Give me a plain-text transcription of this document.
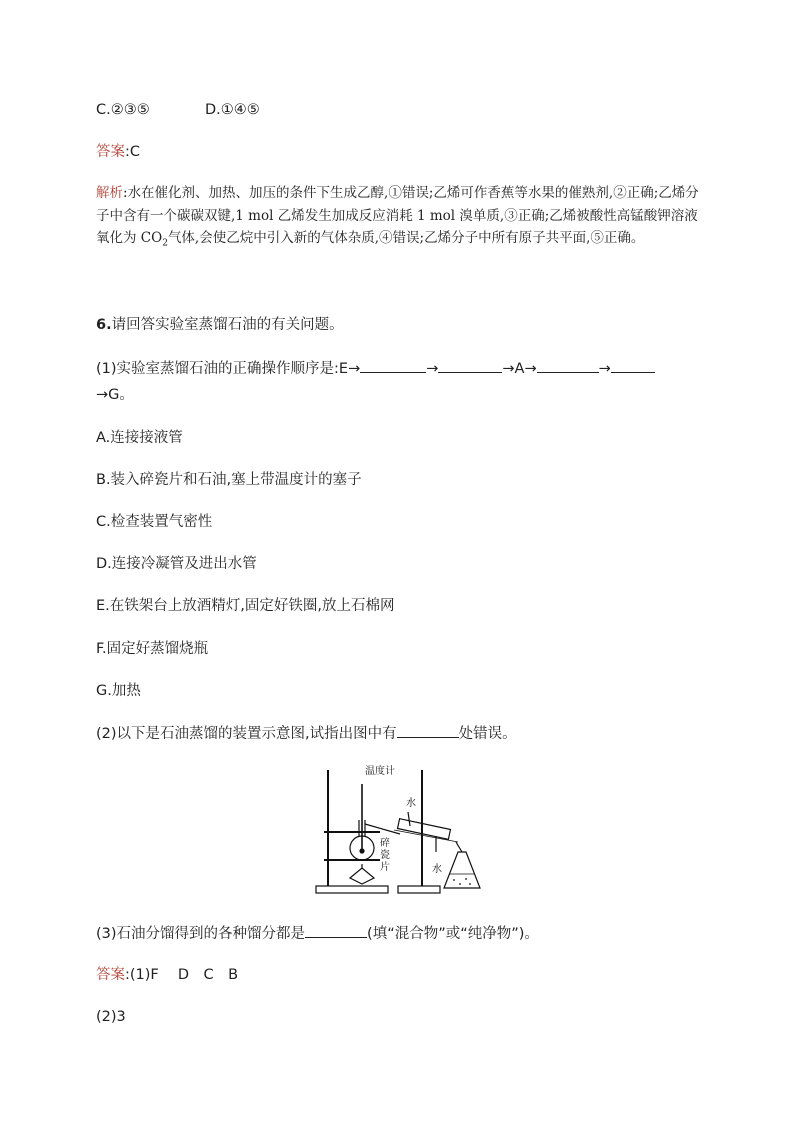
C.②③⑤	D.①④⑤
答案:C
解析:水在催化剂、加热、加压的条件下生成乙醇,①错误;乙烯可作香蕉等水果的催熟剂,②正确;乙烯分子中含有一个碳碳双键,1 mol 乙烯发生加成反应消耗 1 mol 溴单质,③正确;乙烯被酸性高锰酸钾溶液氧化为 $CO_2$气体,会使乙烷中引入新的气体杂质,④错误;乙烯分子中所有原子共平面,⑤正确。
6.请回答实验室蒸馏石油的有关问题。
(1)实验室蒸馏石油的正确操作顺序是:E→	→	→A→	→
→G。
A.连接接液管
B.装入碎瓷片和石油,塞上带温度计的塞子
C.检查装置气密性
D.连接冷凝管及进出水管
E.在铁架台上放酒精灯,固定好铁圈,放上石棉网
F.固定好蒸馏烧瓶
G.加热
(2)以下是石油蒸馏的装置示意图,试指出图中有	处错误。
温度计
水
水
碎
瓷
片
(3)石油分馏得到的各种馏分都是	(填“混合物”或“纯净物”)。
答案:(1)F　 D　C　B
(2)3
